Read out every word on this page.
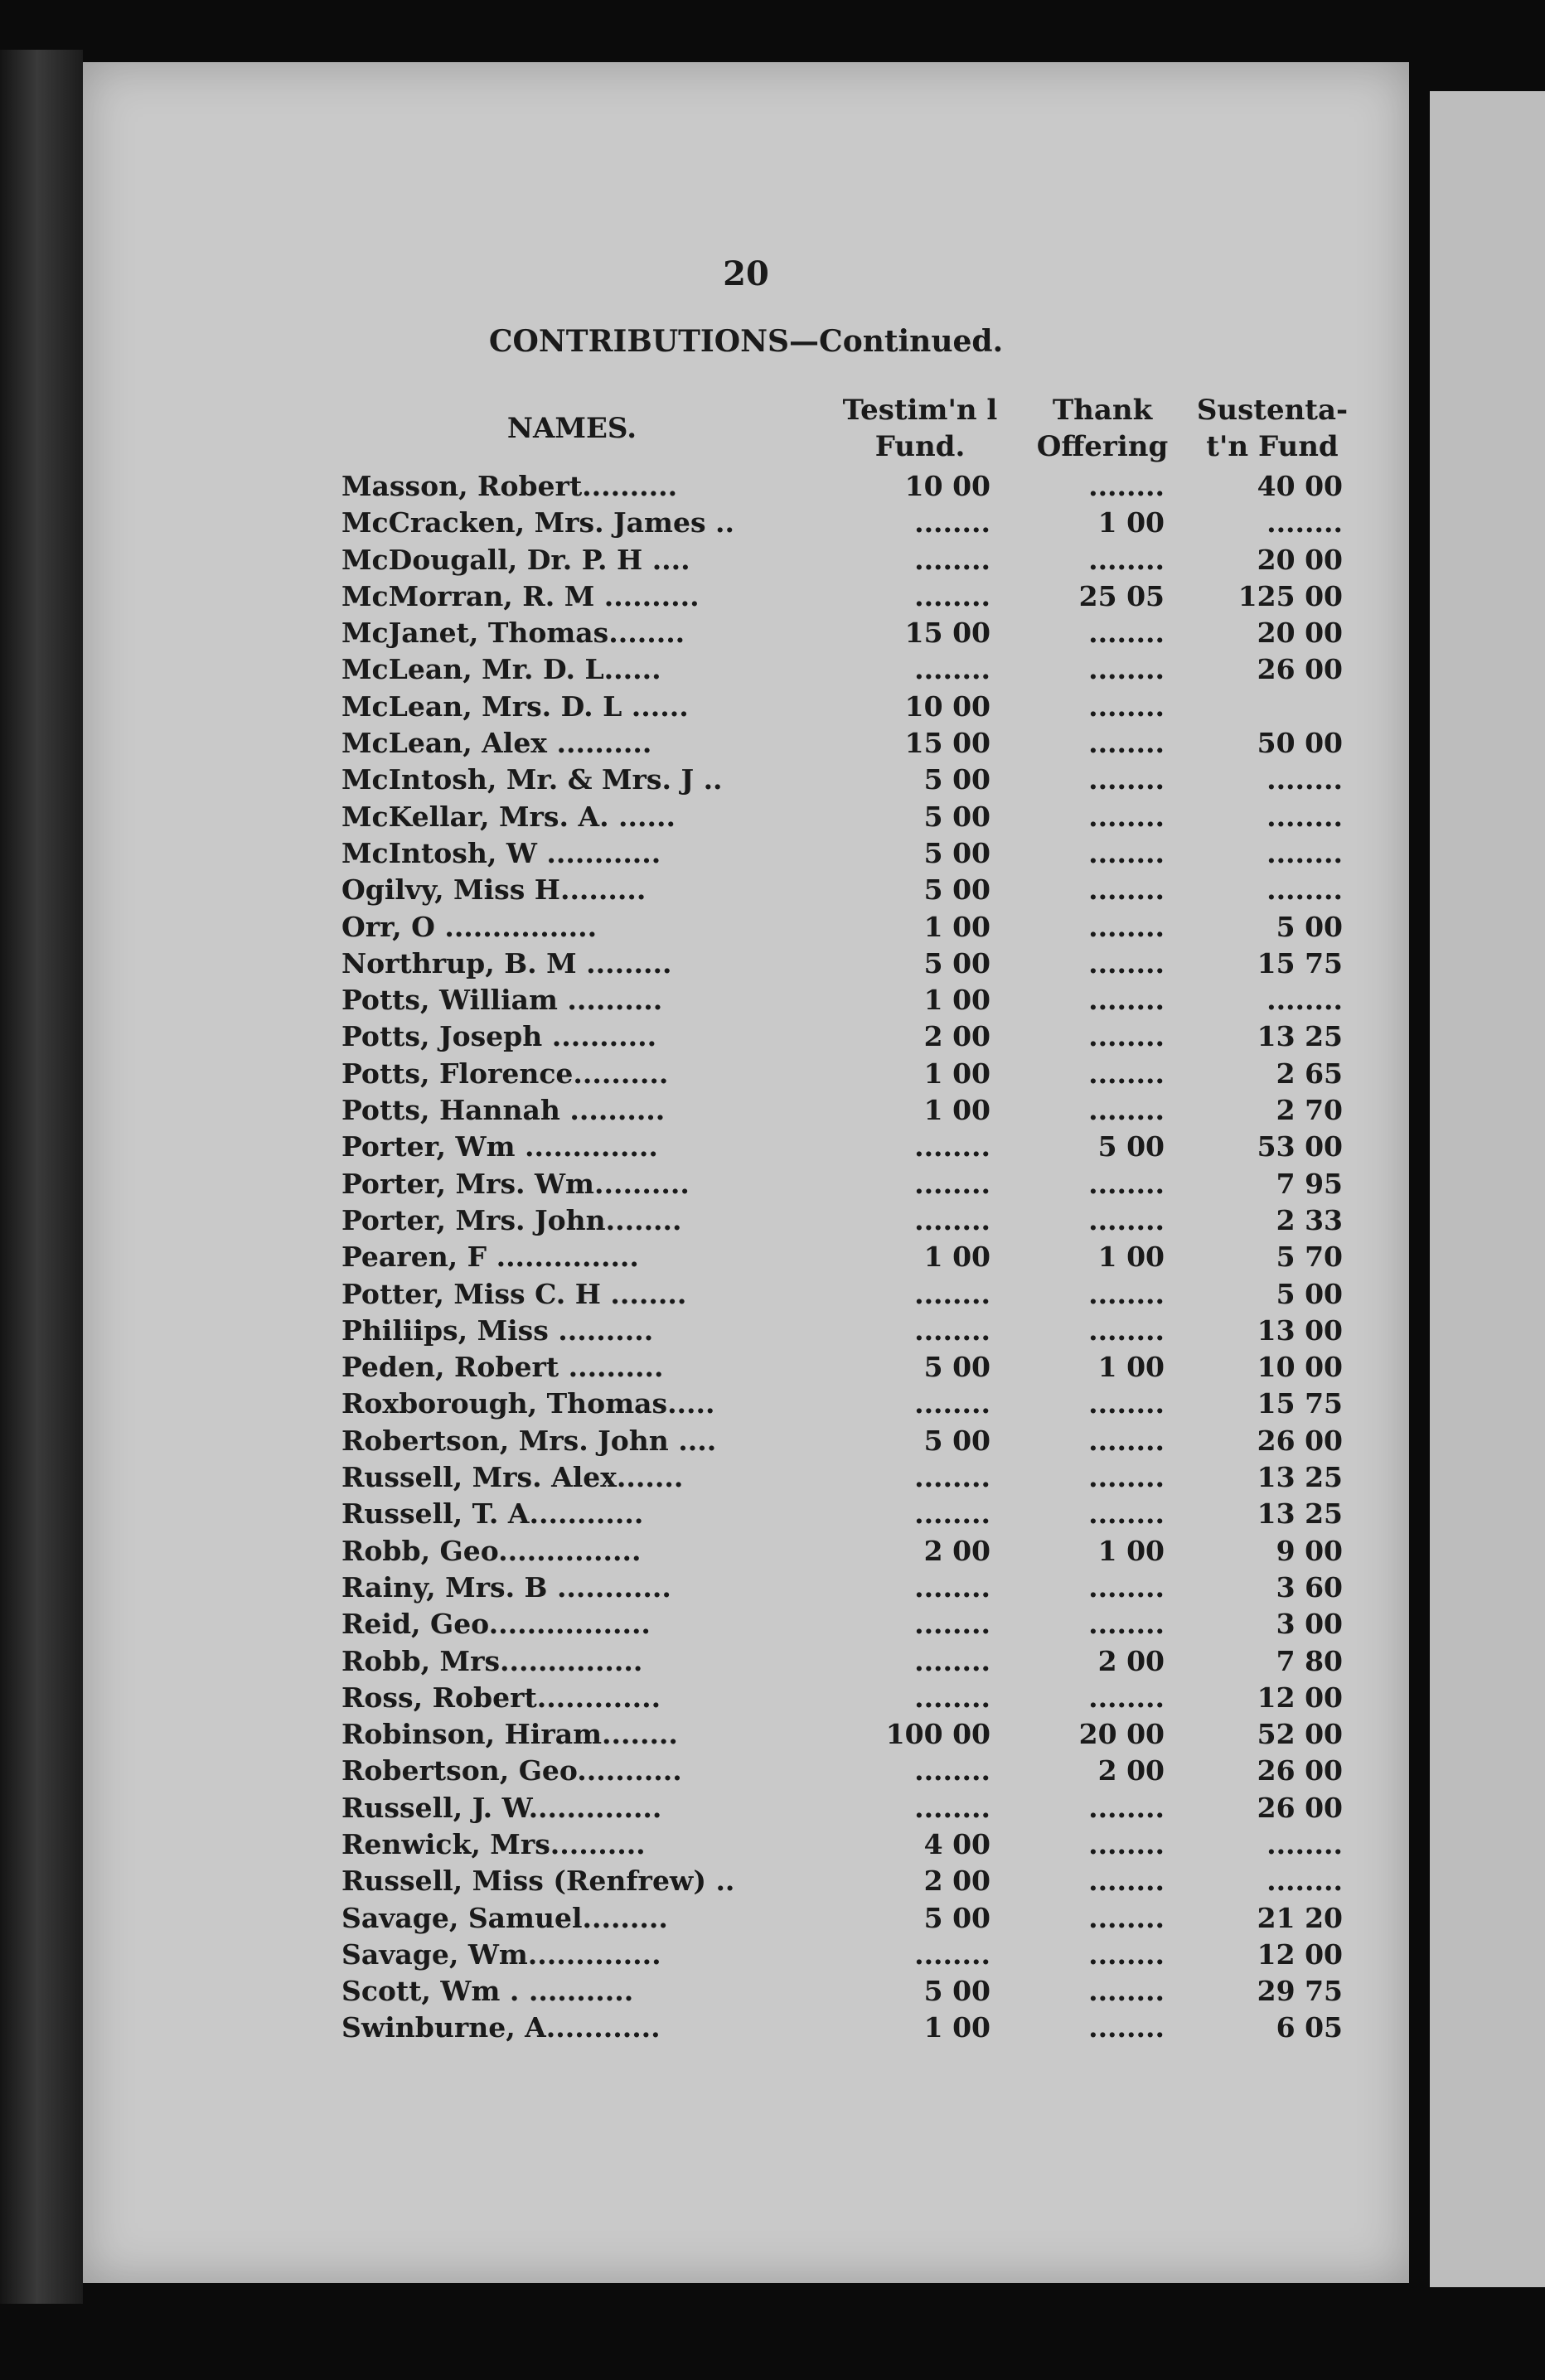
20
CONTRIBUTIONS—Continued.
NAMES.
Testim'n l
Fund.
Thank
Offering
Sustenta-
t'n Fund
Masson, Robert..........	10 00	........	40 00
McCracken, Mrs. James ..	........	1 00	........
McDougall, Dr. P. H ....	........	........	20 00
McMorran, R. M ..........	........	25 05	125 00
McJanet, Thomas........	15 00	........	20 00
McLean, Mr. D. L......	........	........	26 00
McLean, Mrs. D. L ......	10 00	........
McLean, Alex ..........	15 00	........	50 00
McIntosh, Mr. & Mrs. J ..	5 00	........	........
McKellar, Mrs. A. ......	5 00	........	........
McIntosh, W ............	5 00	........	........
Ogilvy, Miss H.........	5 00	........	........
Orr, O ................	1 00	........	5 00
Northrup, B. M .........	5 00	........	15 75
Potts, William ..........	1 00	........	........
Potts, Joseph ...........	2 00	........	13 25
Potts, Florence..........	1 00	........	2 65
Potts, Hannah ..........	1 00	........	2 70
Porter, Wm ..............	........	5 00	53 00
Porter, Mrs. Wm..........	........	........	7 95
Porter, Mrs. John........	........	........	2 33
Pearen, F ...............	1 00	1 00	5 70
Potter, Miss C. H ........	........	........	5 00
Philiips, Miss ..........	........	........	13 00
Peden, Robert ..........	5 00	1 00	10 00
Roxborough, Thomas.....	........	........	15 75
Robertson, Mrs. John ....	5 00	........	26 00
Russell, Mrs. Alex.......	........	........	13 25
Russell, T. A............	........	........	13 25
Robb, Geo...............	2 00	1 00	9 00
Rainy, Mrs. B ............	........	........	3 60
Reid, Geo.................	........	........	3 00
Robb, Mrs...............	........	2 00	7 80
Ross, Robert.............	........	........	12 00
Robinson, Hiram........	100 00	20 00	52 00
Robertson, Geo...........	........	2 00	26 00
Russell, J. W..............	........	........	26 00
Renwick, Mrs..........	4 00	........	........
Russell, Miss (Renfrew) ..	2 00	........	........
Savage, Samuel.........	5 00	........	21 20
Savage, Wm..............	........	........	12 00
Scott, Wm . ...........	5 00	........	29 75
Swinburne, A............	1 00	........	6 05
